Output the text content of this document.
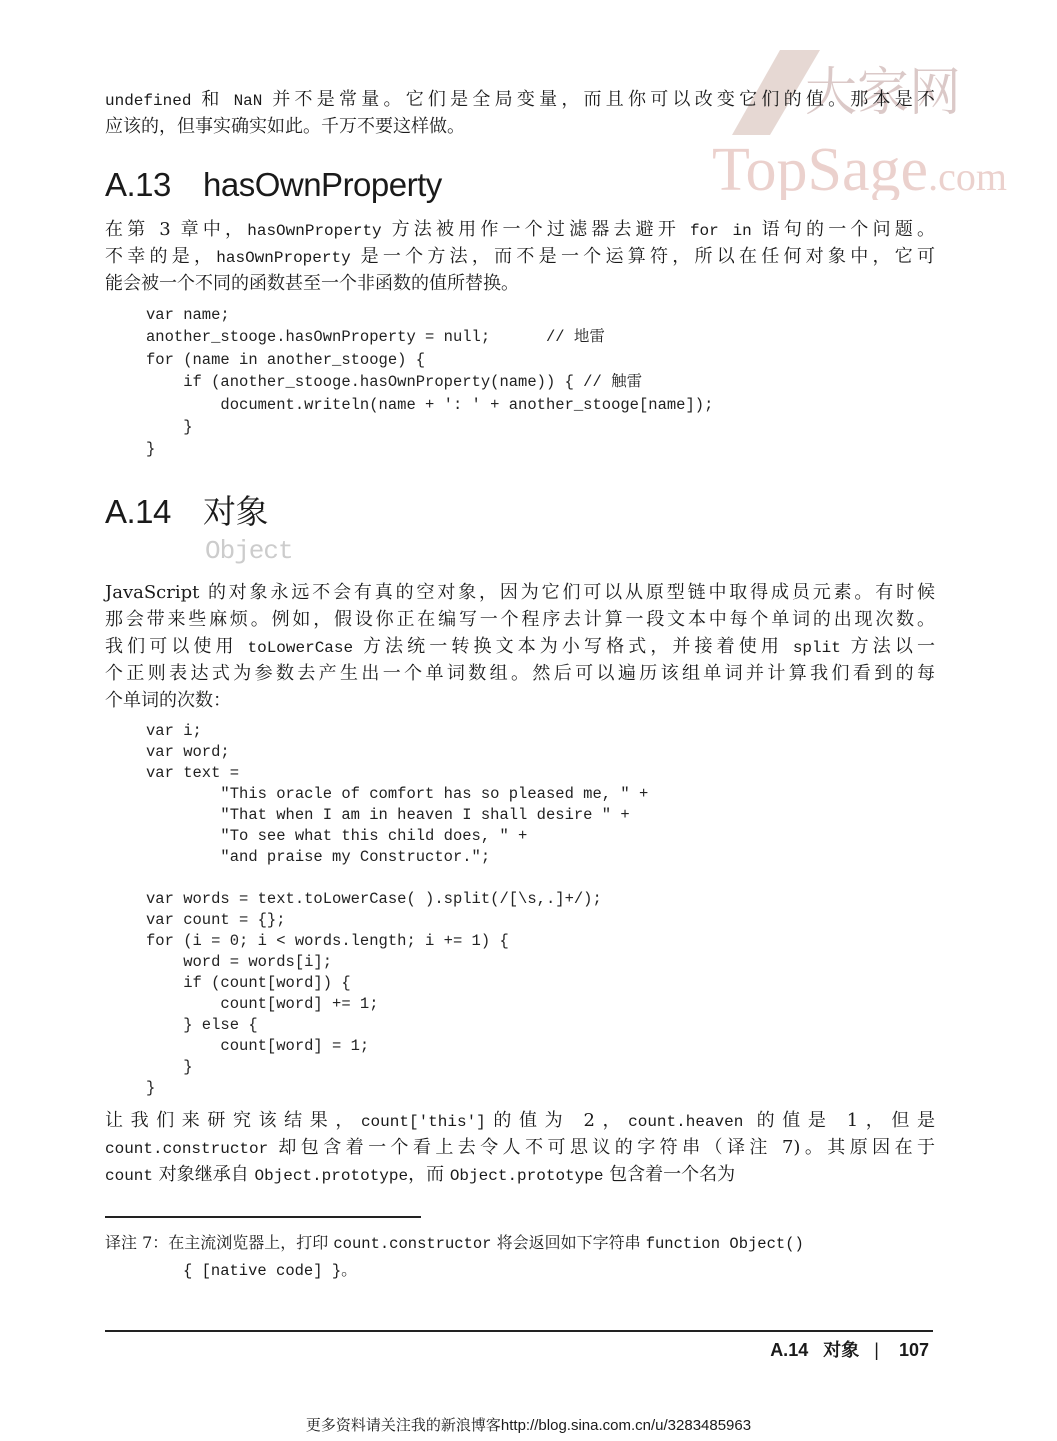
大家网
TopSage.com
undefined 和 NaN 并不是常量。它们是全局变量，而且你可以改变它们的值。那本是不
应该的，但事实确实如此。千万不要这样做。
A.13 hasOwnProperty
在第 3 章中，hasOwnProperty 方法被用作一个过滤器去避开 for in 语句的一个问题。
不幸的是，hasOwnProperty 是一个方法，而不是一个运算符，所以在任何对象中，它可
能会被一个不同的函数甚至一个非函数的值所替换。
var name;
another_stooge.hasOwnProperty = null;      // 地雷
for (name in another_stooge) {
if (another_stooge.hasOwnProperty(name)) { // 触雷
document.writeln(name + ': ' + another_stooge[name]);
}
}
A.14 对象
Object
JavaScript 的对象永远不会有真的空对象，因为它们可以从原型链中取得成员元素。有时候
那会带来些麻烦。例如，假设你正在编写一个程序去计算一段文本中每个单词的出现次数。
我们可以使用 toLowerCase 方法统一转换文本为小写格式，并接着使用 split 方法以一
个正则表达式为参数去产生出一个单词数组。然后可以遍历该组单词并计算我们看到的每
个单词的次数：
var i;
var word;
var text =
"This oracle of comfort has so pleased me, " +
"That when I am in heaven I shall desire " +
"To see what this child does, " +
"and praise my Constructor.";
var words = text.toLowerCase( ).split(/[\s,.]+/);
var count = {};
for (i = 0; i < words.length; i += 1) {
word = words[i];
if (count[word]) {
count[word] += 1;
} else {
count[word] = 1;
}
}
让我们来研究该结果，count['this']的值为 2，count.heaven 的值是 1，但是
count.constructor 却包含着一个看上去令人不可思议的字符串（译注 7)。其原因在于
count 对象继承自 Object.prototype，而 Object.prototype 包含着一个名为
译注 7：在主流浏览器上，打印 count.constructor 将会返回如下字符串 function Object()
{ [native code] }。
A.14 对象 | 107
更多资料请关注我的新浪博客http://blog.sina.com.cn/u/3283485963
